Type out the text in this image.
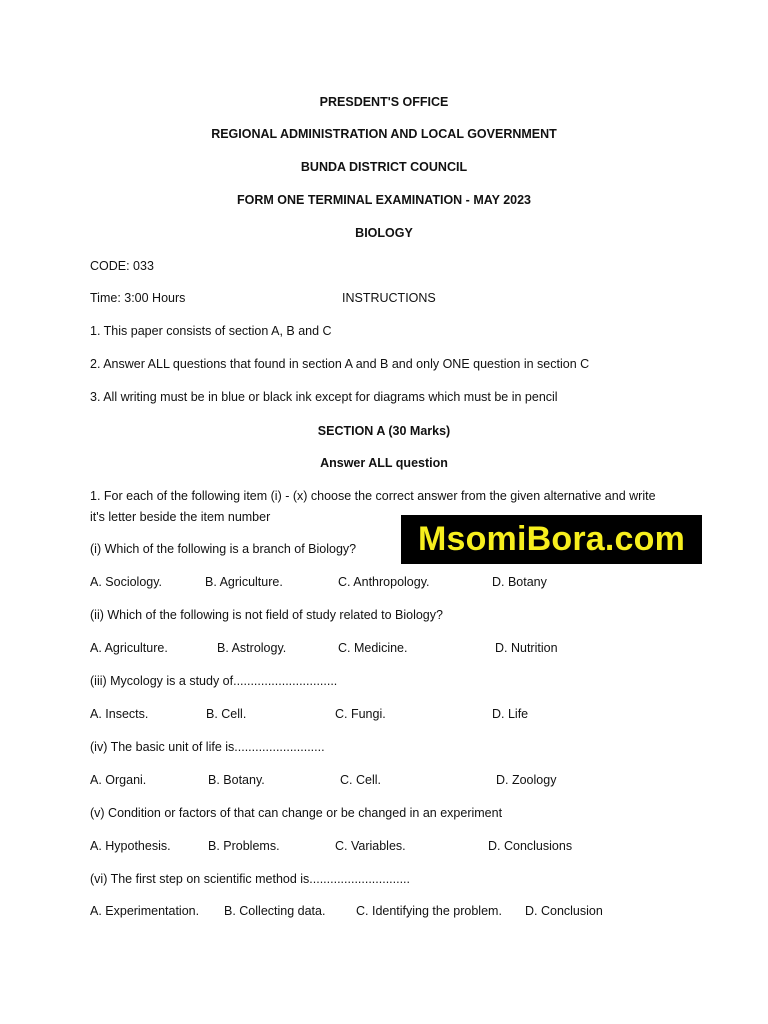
PRESDENT'S OFFICE
REGIONAL ADMINISTRATION AND LOCAL GOVERNMENT
BUNDA DISTRICT COUNCIL
FORM ONE TERMINAL EXAMINATION - MAY 2023
BIOLOGY
CODE: 033
Time: 3:00 Hours	INSTRUCTIONS
1. This paper consists of section A, B and C
2. Answer ALL questions that found in section A and B and only ONE question in section C
3. All writing must be in blue or black ink except for diagrams which must be in pencil
SECTION A (30 Marks)
Answer ALL question
1. For each of the following item (i) - (x) choose the correct answer from the given alternative and write
it's letter beside the item number
(i) Which of the following is a branch of Biology?
A. Sociology.	B. Agriculture.	C. Anthropology.	D. Botany
(ii) Which of the following is not field of study related to Biology?
A. Agriculture.	B. Astrology.	C. Medicine.	D. Nutrition
(iii) Mycology is a study of..............................
A. Insects.	B. Cell.	C. Fungi.	D. Life
(iv) The basic unit of life is..........................
A. Organi.	B. Botany.	C. Cell.	D. Zoology
(v) Condition or factors of that can change or be changed in an experiment
A. Hypothesis.	B. Problems.	C. Variables.	D. Conclusions
(vi) The first step on scientific method is.............................
A. Experimentation. B. Collecting data. C. Identifying the problem. D. Conclusion
MsomiBora .com
